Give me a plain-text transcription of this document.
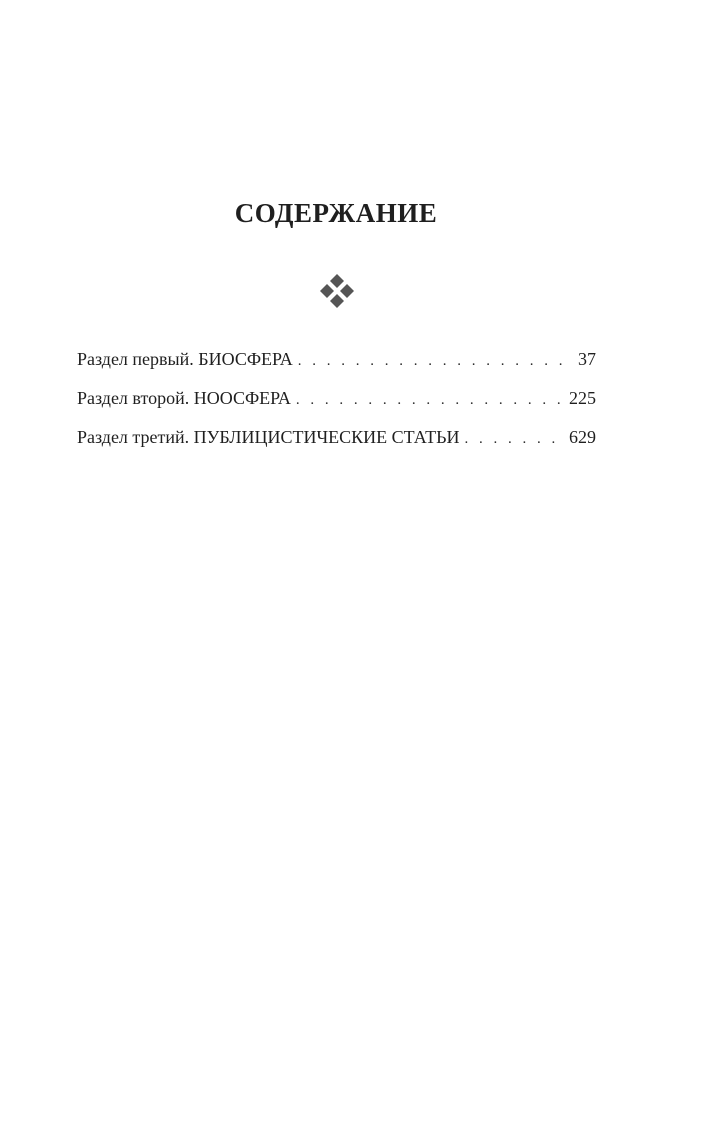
СОДЕРЖАНИЕ
Раздел первый. БИОСФЕРА . . .	37
Раздел второй. НООСФЕРА . . .	225
Раздел третий. ПУБЛИЦИСТИЧЕСКИЕ СТАТЬИ . . .	629
